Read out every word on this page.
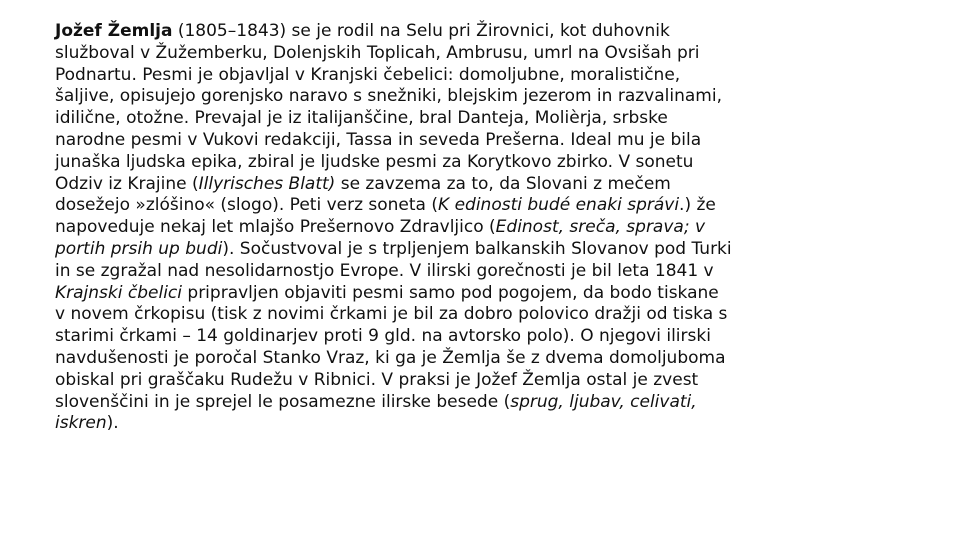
Jožef Žemlja (1805–1843) se je rodil na Selu pri Žirovnici, kot duhovnik
služboval v Žužemberku, Dolenjskih Toplicah, Ambrusu, umrl na Ovsišah pri
Podnartu. Pesmi je objavljal v Kranjski čebelici: domoljubne, moralistične,
šaljive, opisujejo gorenjsko naravo s snežniki, blejskim jezerom in razvalinami,
idilične, otožne. Prevajal je iz italijanščine, bral Danteja, Molièrja, srbske
narodne pesmi v Vukovi redakciji, Tassa in seveda Prešerna. Ideal mu je bila
junaška ljudska epika, zbiral je ljudske pesmi za Korytkovo zbirko. V sonetu
Odziv iz Krajine (Illyrisches Blatt) se zavzema za to, da Slovani z mečem
dosežejo »zlóšino« (slogo). Peti verz soneta (K edinosti budé enaki správi.) že
napoveduje nekaj let mlajšo Prešernovo Zdravljico (Edinost, sreča, sprava; v
portih prsih up budi). Sočustvoval je s trpljenjem balkanskih Slovanov pod Turki
in se zgražal nad nesolidarnostjo Evrope. V ilirski gorečnosti je bil leta 1841 v
Krajnski čbelici pripravljen objaviti pesmi samo pod pogojem, da bodo tiskane
v novem črkopisu (tisk z novimi črkami je bil za dobro polovico dražji od tiska s
starimi črkami – 14 goldinarjev proti 9 gld. na avtorsko polo). O njegovi ilirski
navdušenosti je poročal Stanko Vraz, ki ga je Žemlja še z dvema domoljuboma
obiskal pri graščaku Rudežu v Ribnici. V praksi je Jožef Žemlja ostal je zvest
slovenščini in je sprejel le posamezne ilirske besede (sprug, ljubav, celivati,
iskren).
